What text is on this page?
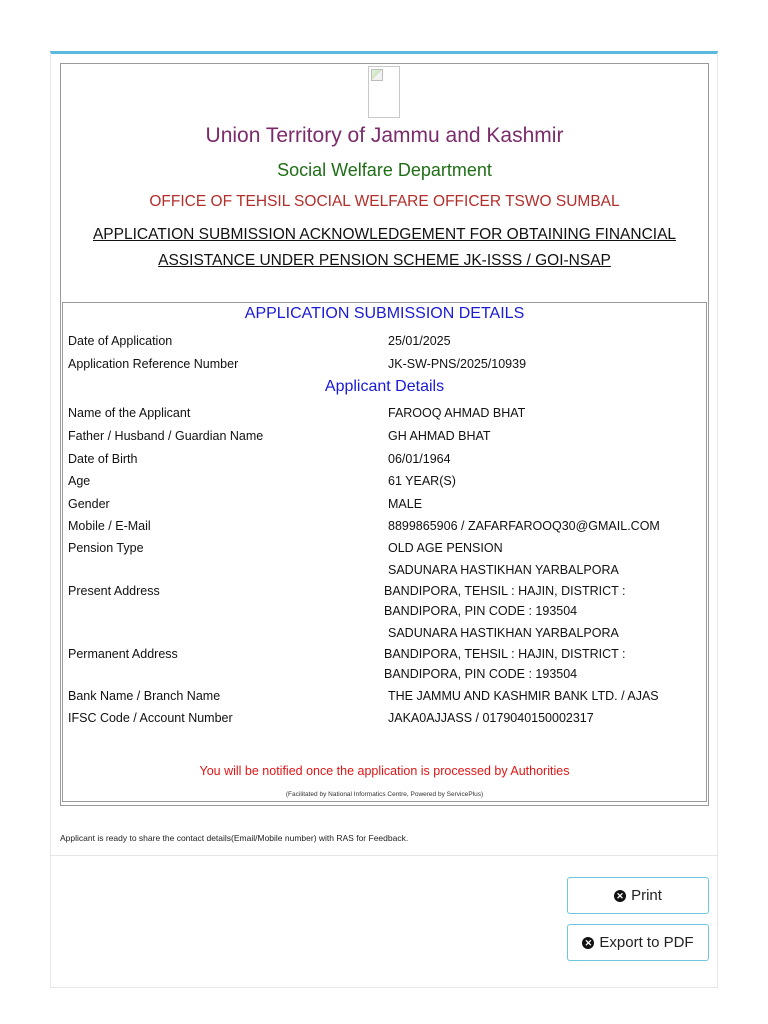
Union Territory of Jammu and Kashmir
Social Welfare Department
OFFICE OF TEHSIL SOCIAL WELFARE OFFICER TSWO SUMBAL
APPLICATION SUBMISSION ACKNOWLEDGEMENT FOR OBTAINING FINANCIAL
ASSISTANCE UNDER PENSION SCHEME JK-ISSS / GOI-NSAP
APPLICATION SUBMISSION DETAILS
Date of Application	25/01/2025
Application Reference Number	JK-SW-PNS/2025/10939
Applicant Details
Name of the Applicant	FAROOQ AHMAD BHAT
Father / Husband / Guardian Name	GH AHMAD BHAT
Date of Birth	06/01/1964
Age	61 YEAR(S)
Gender	MALE
Mobile / E-Mail	8899865906 / ZAFARFAROOQ30@GMAIL.COM
Pension Type	OLD AGE PENSION
SADUNARA HASTIKHAN YARBALPORA
Present Address	BANDIPORA, TEHSIL : HAJIN, DISTRICT :
BANDIPORA, PIN CODE : 193504
SADUNARA HASTIKHAN YARBALPORA
Permanent Address	BANDIPORA, TEHSIL : HAJIN, DISTRICT :
BANDIPORA, PIN CODE : 193504
Bank Name / Branch Name	THE JAMMU AND KASHMIR BANK LTD. / AJAS
IFSC Code / Account Number	JAKA0AJJASS / 0179040150002317
You will be notified once the application is processed by Authorities
(Facilitated by National Informatics Centre, Powered by ServicePlus)
Applicant is ready to share the contact details(Email/Mobile number) with RAS for Feedback.
✕ Print
✕ Export to PDF
